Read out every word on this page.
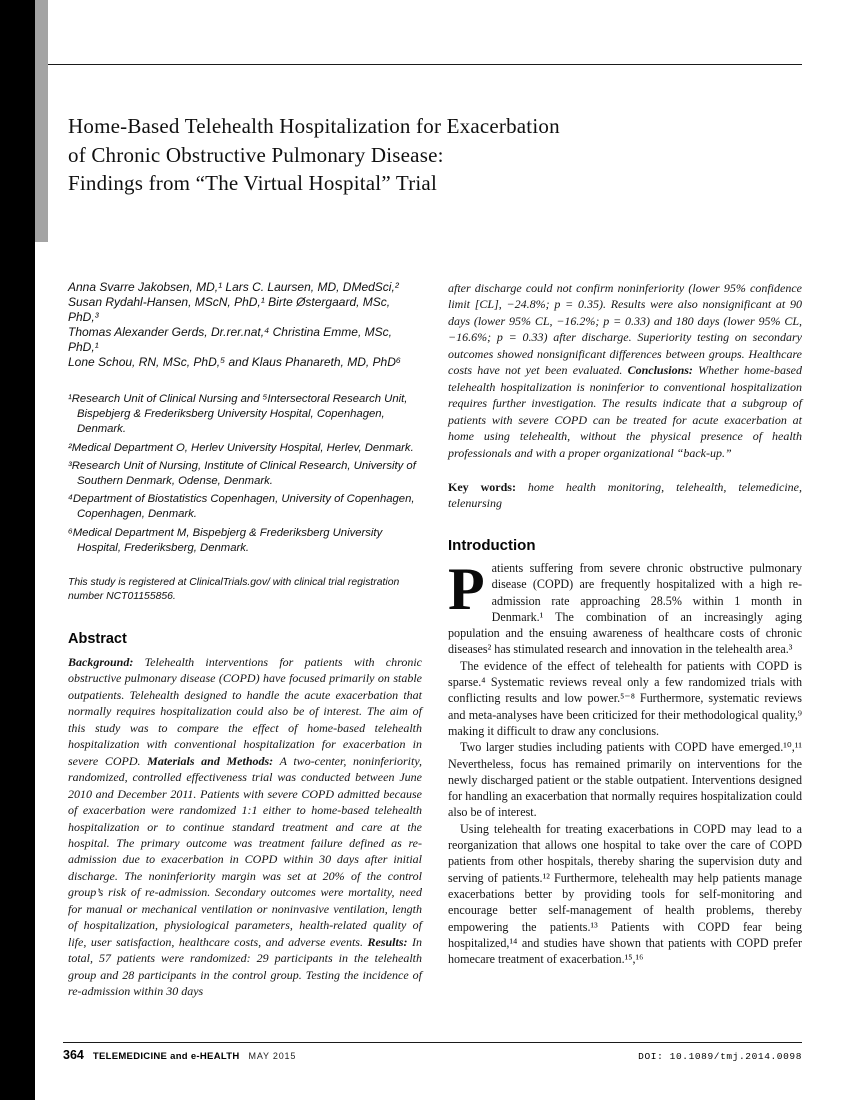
Home-Based Telehealth Hospitalization for Exacerbation
of Chronic Obstructive Pulmonary Disease:
Findings from “The Virtual Hospital” Trial
Anna Svarre Jakobsen, MD,¹ Lars C. Laursen, MD, DMedSci,²
Susan Rydahl-Hansen, MScN, PhD,¹ Birte Østergaard, MSc, PhD,³
Thomas Alexander Gerds, Dr.rer.nat,⁴ Christina Emme, MSc, PhD,¹
Lone Schou, RN, MSc, PhD,⁵ and Klaus Phanareth, MD, PhD⁶

¹Research Unit of Clinical Nursing and ⁵Intersectoral Research Unit, Bispebjerg & Frederiksberg University Hospital, Copenhagen, Denmark.

²Medical Department O, Herlev University Hospital, Herlev, Denmark.

³Research Unit of Nursing, Institute of Clinical Research, University of Southern Denmark, Odense, Denmark.

⁴Department of Biostatistics Copenhagen, University of Copenhagen, Copenhagen, Denmark.

⁶Medical Department M, Bispebjerg & Frederiksberg University Hospital, Frederiksberg, Denmark.

This study is registered at ClinicalTrials.gov/ with clinical trial registration number NCT01155856.

Abstract

Background: Telehealth interventions for patients with chronic obstructive pulmonary disease (COPD) have focused primarily on stable outpatients. Telehealth designed to handle the acute exacerbation that normally requires hospitalization could also be of interest. The aim of this study was to compare the effect of home-based telehealth hospitalization with conventional hospitalization for exacerbation in severe COPD. Materials and Methods: A two-center, noninferiority, randomized, controlled effectiveness trial was conducted between June 2010 and December 2011. Patients with severe COPD admitted because of exacerbation were randomized 1:1 either to home-based telehealth hospitalization or to continue standard treatment and care at the hospital. The primary outcome was treatment failure defined as re-admission due to exacerbation in COPD within 30 days after initial discharge. The noninferiority margin was set at 20% of the control group’s risk of re-admission. Secondary outcomes were mortality, need for manual or mechanical ventilation or noninvasive ventilation, length of hospitalization, physiological parameters, health-related quality of life, user satisfaction, healthcare costs, and adverse events. Results: In total, 57 patients were randomized: 29 participants in the telehealth group and 28 participants in the control group. Testing the incidence of re-admission within 30 days

after discharge could not confirm noninferiority (lower 95% confidence limit [CL], −24.8%; p = 0.35). Results were also nonsignificant at 90 days (lower 95% CL, −16.2%; p = 0.33) and 180 days (lower 95% CL, −16.6%; p = 0.33) after discharge. Superiority testing on secondary outcomes showed nonsignificant differences between groups. Healthcare costs have not yet been evaluated. Conclusions: Whether home-based telehealth hospitalization is noninferior to conventional hospitalization requires further investigation. The results indicate that a subgroup of patients with severe COPD can be treated for acute exacerbation at home using telehealth, without the physical presence of health professionals and with a proper organizational “back-up.”

Key words: home health monitoring, telehealth, telemedicine, telenursing

Introduction

Patients suffering from severe chronic obstructive pulmonary disease (COPD) are frequently hospitalized with a high re-admission rate approaching 28.5% within 1 month in Denmark.¹ The combination of an increasingly aging population and the ensuing awareness of healthcare costs of chronic diseases² has stimulated research and innovation in the telehealth area.³

The evidence of the effect of telehealth for patients with COPD is sparse.⁴ Systematic reviews reveal only a few randomized trials with conflicting results and low power.⁵⁻⁸ Furthermore, systematic reviews and meta-analyses have been criticized for their methodological quality,⁹ making it difficult to draw any conclusions.

Two larger studies including patients with COPD have emerged.¹⁰,¹¹ Nevertheless, focus has remained primarily on interventions for the newly discharged patient or the stable outpatient. Interventions designed for handling an exacerbation that normally requires hospitalization could also be of interest.

Using telehealth for treating exacerbations in COPD may lead to a reorganization that allows one hospital to take over the care of COPD patients from other hospitals, thereby sharing the supervision duty and serving of patients.¹² Furthermore, telehealth may help patients manage exacerbations better by providing tools for self-monitoring and encourage better self-management of health problems, thereby empowering the patients.¹³ Patients with COPD fear being hospitalized,¹⁴ and studies have shown that patients with COPD prefer homecare treatment of exacerbation.¹⁵,¹⁶

364 TELEMEDICINE and e-HEALTH MAY 2015	DOI: 10.1089/tmj.2014.0098
